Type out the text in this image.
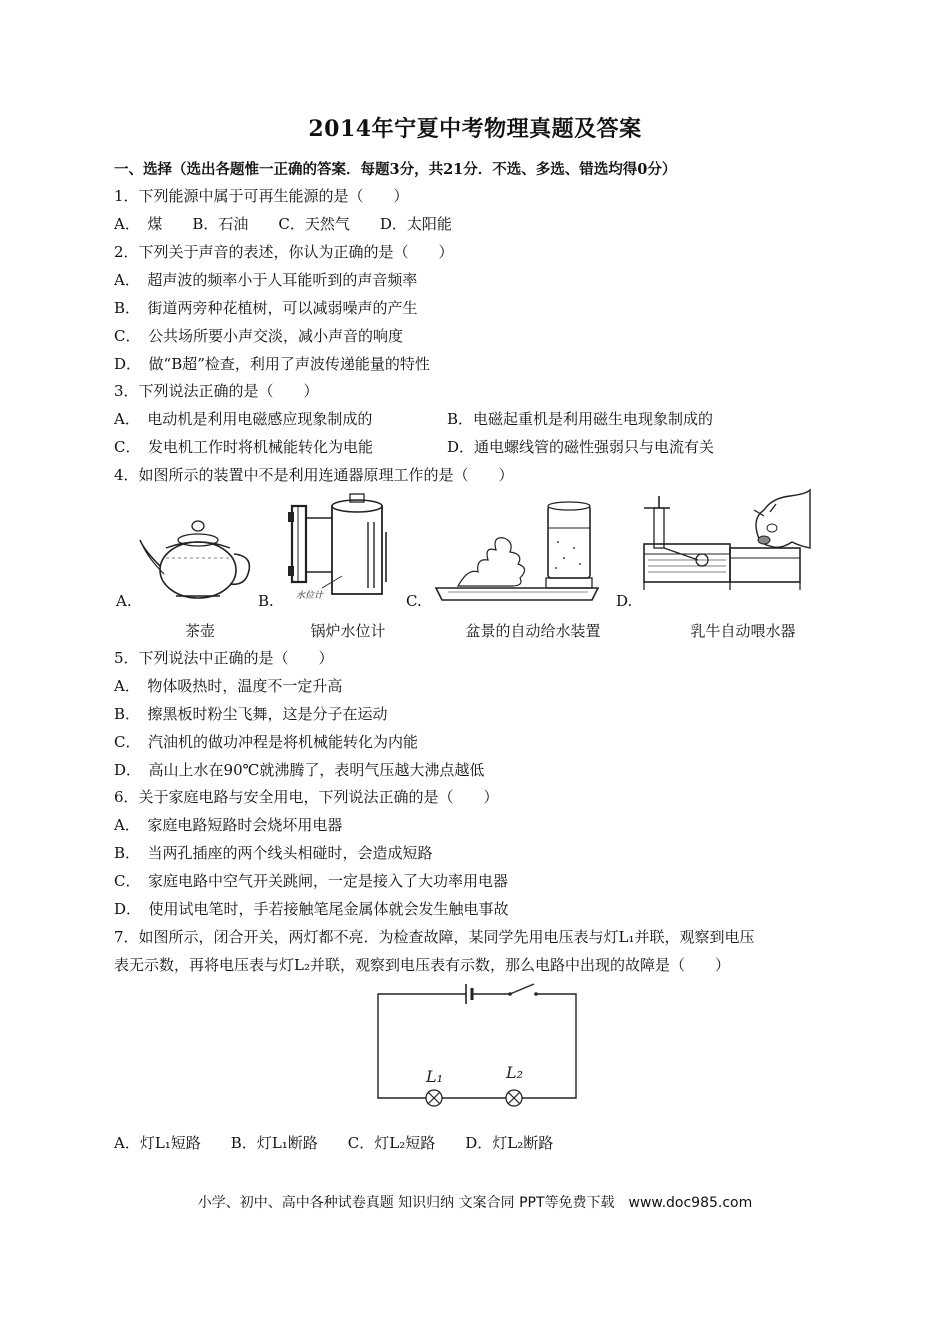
2014年宁夏中考物理真题及答案
一、选择（选出各题惟一正确的答案．每题3分，共21分．不选、多选、错选均得0分）
1．下列能源中属于可再生能源的是（　　）
A．　煤　　B．石油　　C．天然气　　D．太阳能
2．下列关于声音的表述，你认为正确的是（　　）
A．　超声波的频率小于人耳能听到的声音频率
B．　街道两旁种花植树，可以减弱噪声的产生
C．　公共场所要小声交淡，减小声音的响度
D．　做“B超”检查，利用了声波传递能量的特性
3．下列说法正确的是（　　）
A．　电动机是利用电磁感应现象制成的	B．电磁起重机是利用磁生电现象制成的
C．　发电机工作时将机械能转化为电能	D．通电螺线管的磁性强弱只与电流有关
4．如图所示的装置中不是利用连通器原理工作的是（　　）
A.	B. 水位计	C.	D.
茶壶	锅炉水位计	盆景的自动给水装置	乳牛自动喂水器
5．下列说法中正确的是（　　）
A．　物体吸热时，温度不一定升高
B．　擦黑板时粉尘飞舞，这是分子在运动
C．　汽油机的做功冲程是将机械能转化为内能
D．　高山上水在90℃就沸腾了，表明气压越大沸点越低
6．关于家庭电路与安全用电，下列说法正确的是（　　）
A．　家庭电路短路时会烧坏用电器
B．　当两孔插座的两个线头相碰时，会造成短路
C．　家庭电路中空气开关跳闸，一定是接入了大功率用电器
D．　使用试电笔时，手若接触笔尾金属体就会发生触电事故
7．如图所示，闭合开关，两灯都不亮．为检查故障，某同学先用电压表与灯L₁并联，观察到电压
表无示数，再将电压表与灯L₂并联，观察到电压表有示数，那么电路中出现的故障是（　　）
L₁	L₂
A．灯L₁短路　　B．灯L₁断路　　C．灯L₂短路　　D．灯L₂断路
小学、初中、高中各种试卷真题 知识归纳 文案合同 PPT等免费下载　www.doc985.com
